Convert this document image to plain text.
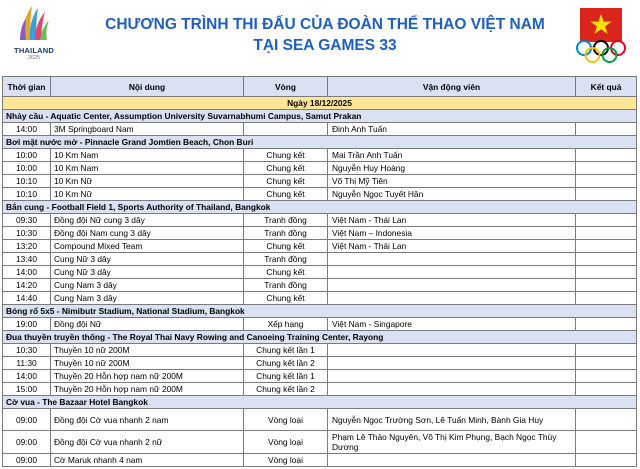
THAILAND
2025
CHƯƠNG TRÌNH THI ĐẤU CỦA ĐOÀN THỂ THAO VIỆT NAM
TẠI SEA GAMES 33
Thời gian	Nội dung	Vòng	Vận động viên	Kết quả
Ngày 18/12/2025				
Nhảy cầu - Aquatic Center, Assumption University Suvarnabhumi Campus, Samut Prakan				
14:00	3M Springboard Nam		Đinh Anh Tuấn	
Bơi mặt nước mở - Pinnacle Grand Jomtien Beach, Chon Buri				
10:00	10 Km Nam	Chung kết	Mai Trần Anh Tuấn	
10:00	10 Km Nam	Chung kết	Nguyễn Huy Hoàng	
10:10	10 Km Nữ	Chung kết	Võ Thị Mỹ Tiên	
10:10	10 Km Nữ	Chung kết	Nguyễn Ngọc Tuyết Hân	
Bắn cung - Football Field 1, Sports Authority of Thailand, Bangkok				
09:30	Đồng đội Nữ cung 3 dây	Tranh đồng	Việt Nam - Thái Lan	
10:30	Đồng đội Nam cung 3 dây	Tranh đồng	Việt Nam – Indonesia	
13:20	Compound Mixed Team	Chung kết	Việt Nam - Thái Lan	
13:40	Cung Nữ 3 dây	Tranh đồng		
14:00	Cung Nữ 3 dây	Chung kết		
14:20	Cung Nam 3 dây	Tranh đồng		
14:40	Cung Nam 3 dây	Chung kết		
Bóng rổ 5x5 - Nimibutr Stadium, National Stadium, Bangkok				
19:00	Đồng đội Nữ	Xếp hạng	Việt Nam - Singapore	
Đua thuyền truyền thống - The Royal Thai Navy Rowing and Canoeing Training Center, Rayong				
10:30	Thuyền 10 nữ 200M	Chung kết lần 1		
11:30	Thuyền 10 nữ 200M	Chung kết lần 2		
14:00	Thuyền 20 Hỗn hợp nam nữ 200M	Chung kết lần 1		
15:00	Thuyền 20 Hỗn hợp nam nữ 200M	Chung kết lần 2		
Cờ vua - The Bazaar Hotel Bangkok				
09:00	Đồng đội Cờ vua nhanh 2 nam	Vòng loại	Nguyễn Ngọc Trường Sơn, Lê Tuấn Minh, Bành Gia Huy	
09:00	Đồng đội Cờ vua nhanh 2 nữ	Vòng loại	Phạm Lê Thảo Nguyên, Võ Thị Kim Phụng, Bạch Ngọc Thùy Dương	
09:00	Cờ Maruk nhanh 4 nam	Vòng loại		
